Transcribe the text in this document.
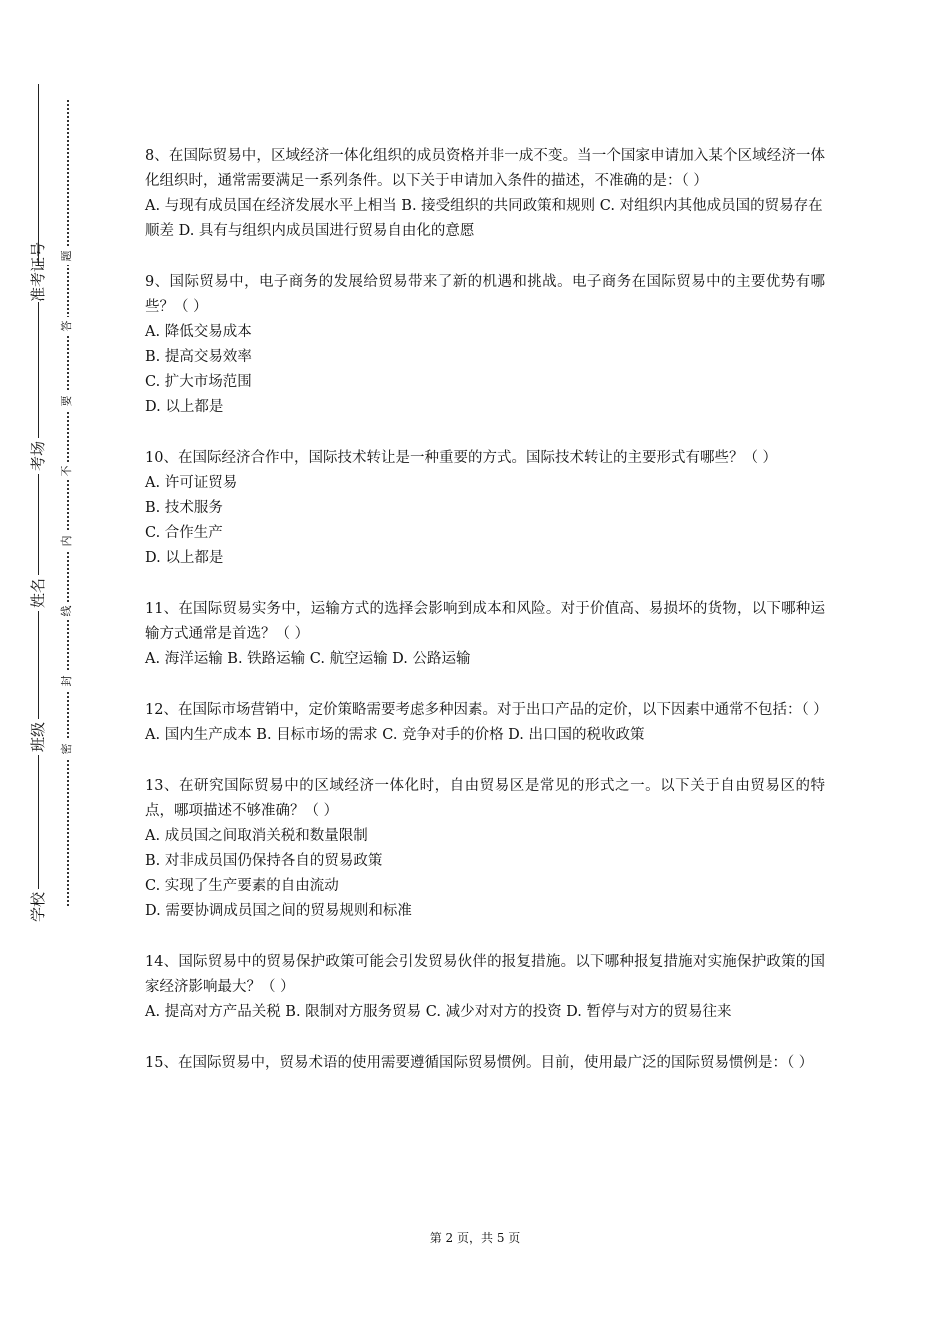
学校
班级
姓名
考场
准考证号
密
封
线
内
不
要
答
题
8、在国际贸易中，区域经济一体化组织的成员资格并非一成不变。当一个国家申请加入某个区域经济一体化组织时，通常需要满足一系列条件。以下关于申请加入条件的描述，不准确的是：（ ）
A. 与现有成员国在经济发展水平上相当 B. 接受组织的共同政策和规则 C. 对组织内其他成员国的贸易存在顺差 D. 具有与组织内成员国进行贸易自由化的意愿
9、国际贸易中，电子商务的发展给贸易带来了新的机遇和挑战。电子商务在国际贸易中的主要优势有哪些？（ ）
A. 降低交易成本
B. 提高交易效率
C. 扩大市场范围
D. 以上都是
10、在国际经济合作中，国际技术转让是一种重要的方式。国际技术转让的主要形式有哪些？（ ）
A. 许可证贸易
B. 技术服务
C. 合作生产
D. 以上都是
11、在国际贸易实务中，运输方式的选择会影响到成本和风险。对于价值高、易损坏的货物，以下哪种运输方式通常是首选？（ ）
A. 海洋运输 B. 铁路运输 C. 航空运输 D. 公路运输
12、在国际市场营销中，定价策略需要考虑多种因素。对于出口产品的定价，以下因素中通常不包括：（ ）
A. 国内生产成本 B. 目标市场的需求 C. 竞争对手的价格 D. 出口国的税收政策
13、在研究国际贸易中的区域经济一体化时，自由贸易区是常见的形式之一。以下关于自由贸易区的特点，哪项描述不够准确？（ ）
A. 成员国之间取消关税和数量限制
B. 对非成员国仍保持各自的贸易政策
C. 实现了生产要素的自由流动
D. 需要协调成员国之间的贸易规则和标准
14、国际贸易中的贸易保护政策可能会引发贸易伙伴的报复措施。以下哪种报复措施对实施保护政策的国家经济影响最大？（ ）
A. 提高对方产品关税 B. 限制对方服务贸易 C. 减少对对方的投资 D. 暂停与对方的贸易往来
15、在国际贸易中，贸易术语的使用需要遵循国际贸易惯例。目前，使用最广泛的国际贸易惯例是：（ ）
第 2 页，共 5 页
